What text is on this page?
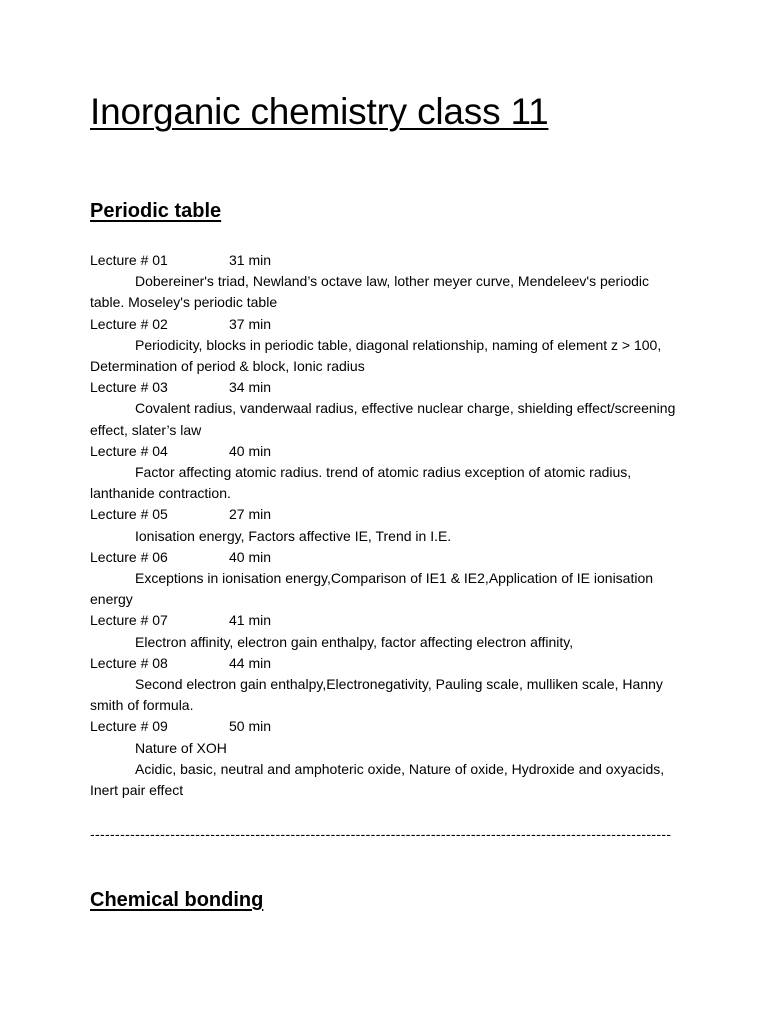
Inorganic chemistry class 11
Periodic table
Lecture # 01	31 min

Dobereiner's triad, Newland’s octave law, lother meyer curve, Mendeleev's periodic table. Moseley's periodic table

Lecture # 02	37 min

Periodicity, blocks in periodic table, diagonal relationship, naming of element z > 100, Determination of period & block, Ionic radius

Lecture # 03	34 min

Covalent radius, vanderwaal radius, effective nuclear charge, shielding effect/screening effect, slater’s law

Lecture # 04	40 min

Factor affecting atomic radius. trend of atomic radius exception of atomic radius, lanthanide contraction.

Lecture # 05	27 min

Ionisation energy, Factors affective IE, Trend in I.E.

Lecture # 06	40 min

Exceptions in ionisation energy,Comparison of IE1 & IE2,Application of IE ionisation energy

Lecture # 07	41 min

Electron affinity, electron gain enthalpy, factor affecting electron affinity,

Lecture # 08	44 min

Second electron gain enthalpy,Electronegativity, Pauling scale, mulliken scale, Hanny smith of formula.

Lecture # 09	50 min

Nature of XOH

Acidic, basic, neutral and amphoteric oxide, Nature of oxide, Hydroxide and oxyacids, Inert pair effect

--------------------------------------------------------------------------------------------------------------------
Chemical bonding
